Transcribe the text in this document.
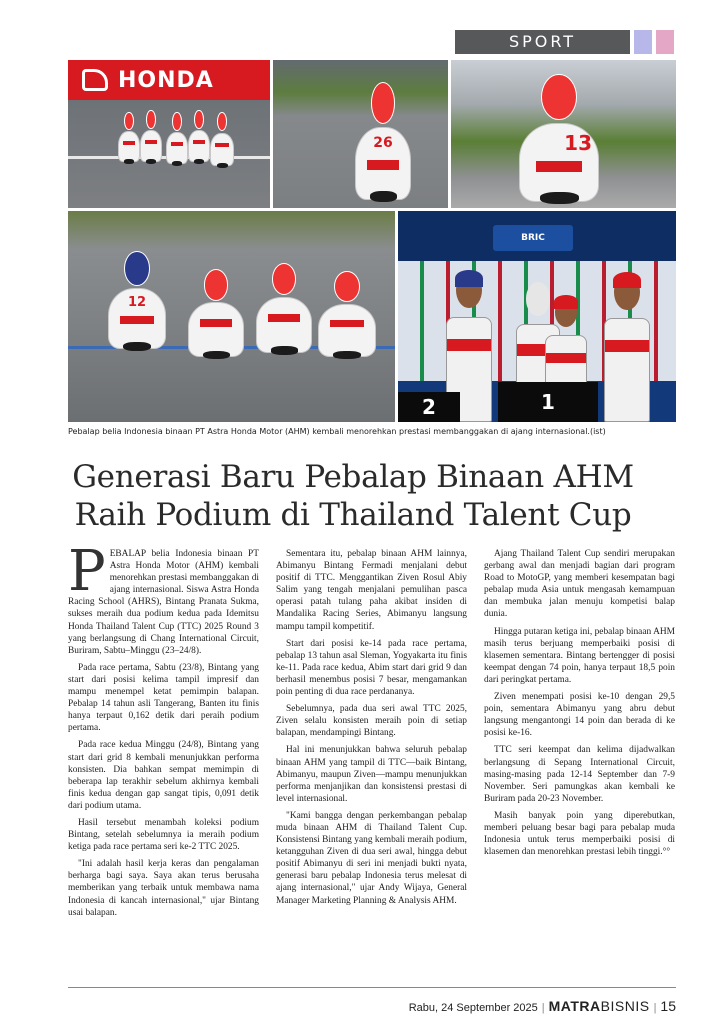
SPORT
HONDA
26	13
12
BRIC
2	1
Pebalap belia Indonesia binaan PT Astra Honda Motor (AHM) kembali menorehkan prestasi membanggakan di ajang internasional.(ist)
Generasi Baru Pebalap Binaan AHM Raih Podium di Thailand Talent Cup

PEBALAP belia Indonesia binaan PT Astra Honda Motor (AHM) kembali menorehkan prestasi membanggakan di ajang internasional. Siswa Astra Honda Racing School (AHRS), Bintang Pranata Sukma, sukses meraih dua podium kedua pada Idemitsu Honda Thailand Talent Cup (TTC) 2025 Round 3 yang berlangsung di Chang International Circuit, Buriram, Sabtu–Minggu (23–24/8).

Pada race pertama, Sabtu (23/8), Bintang yang start dari posisi kelima tampil impresif dan mampu menempel ketat pemimpin balapan. Pebalap 14 tahun asli Tangerang, Banten itu finis hanya terpaut 0,162 detik dari peraih podium pertama.

Pada race kedua Minggu (24/8), Bintang yang start dari grid 8 kembali menunjukkan performa konsisten. Dia bahkan sempat memimpin di beberapa lap terakhir sebelum akhirnya kembali finis kedua dengan gap sangat tipis, 0,091 detik dari podium utama.

Hasil tersebut menambah koleksi podium Bintang, setelah sebelumnya ia meraih podium ketiga pada race pertama seri ke-2 TTC 2025.

"Ini adalah hasil kerja keras dan pengalaman berharga bagi saya. Saya akan terus berusaha memberikan yang terbaik untuk membawa nama Indonesia di kancah internasional," ujar Bintang usai balapan.

Sementara itu, pebalap binaan AHM lainnya, Abimanyu Bintang Fermadi menjalani debut positif di TTC. Menggantikan Ziven Rosul Abiy Salim yang tengah menjalani pemulihan pasca operasi patah tulang paha akibat insiden di Mandalika Racing Series, Abimanyu langsung mampu tampil kompetitif.

Start dari posisi ke-14 pada race pertama, pebalap 13 tahun asal Sleman, Yogyakarta itu finis ke-11. Pada race kedua, Abim start dari grid 9 dan berhasil menembus posisi 7 besar, mengamankan poin penting di dua race perdananya.

Sebelumnya, pada dua seri awal TTC 2025, Ziven selalu konsisten meraih poin di setiap balapan, mendampingi Bintang.

Hal ini menunjukkan bahwa seluruh pebalap binaan AHM yang tampil di TTC—baik Bintang, Abimanyu, maupun Ziven—mampu menunjukkan performa menjanjikan dan konsistensi prestasi di level internasional.

"Kami bangga dengan perkembangan pebalap muda binaan AHM di Thailand Talent Cup. Konsistensi Bintang yang kembali meraih podium, ketangguhan Ziven di dua seri awal, hingga debut positif Abimanyu di seri ini menjadi bukti nyata, generasi baru pebalap Indonesia terus melesat di ajang internasional," ujar Andy Wijaya, General Manager Marketing Planning & Analysis AHM.

Ajang Thailand Talent Cup sendiri merupakan gerbang awal dan menjadi bagian dari program Road to MotoGP, yang memberi kesempatan bagi pebalap muda Asia untuk mengasah kemampuan dan membuka jalan menuju kompetisi balap dunia.

Hingga putaran ketiga ini, pebalap binaan AHM masih terus berjuang memperbaiki posisi di klasemen sementara. Bintang bertengger di posisi keempat dengan 74 poin, hanya terpaut 18,5 poin dari peringkat pertama.

Ziven menempati posisi ke-10 dengan 29,5 poin, sementara Abimanyu yang abru debut langsung mengantongi 14 poin dan berada di ke posisi ke-16.

TTC seri keempat dan kelima dijadwalkan berlangsung di Sepang International Circuit, masing-masing pada 12-14 September dan 7-9 November. Seri pamungkas akan kembali ke Buriram pada 20-23 November.

Masih banyak poin yang diperebutkan, memberi peluang besar bagi para pebalap muda Indonesia untuk terus memperbaiki posisi di klasemen dan menorehkan prestasi lebih tinggi.°°

Rabu, 24 September 2025 | MATRABISNIS | 15
